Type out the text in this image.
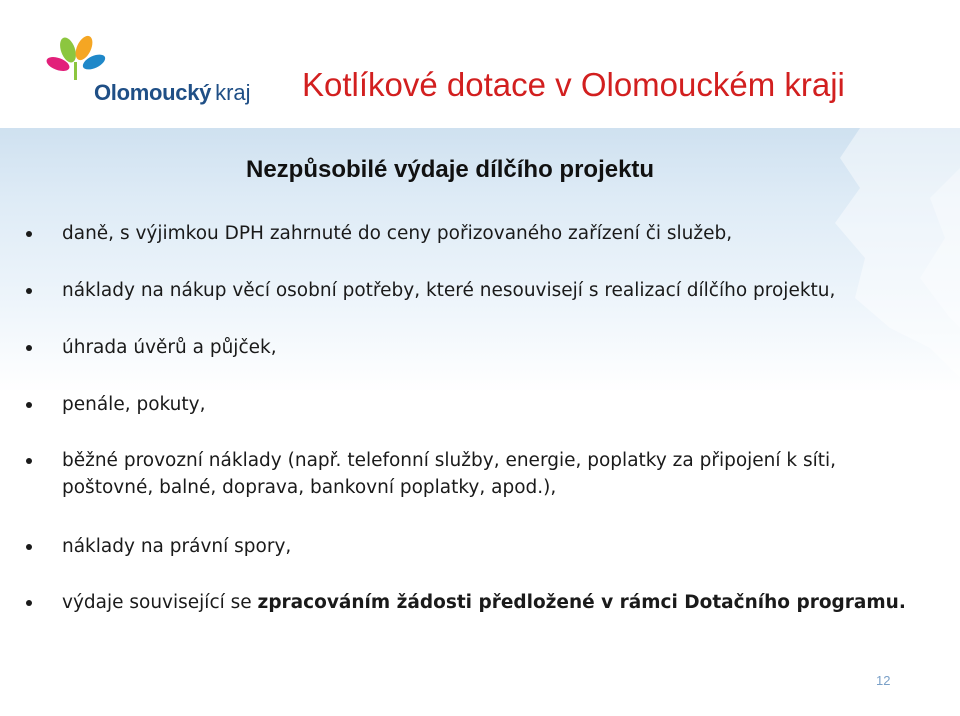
Olomoucký kraj Kotlíkové dotace v Olomouckém kraji
Nezpůsobilé výdaje dílčího projektu
daně, s výjimkou DPH zahrnuté do ceny pořizovaného zařízení či služeb,
náklady na nákup věcí osobní potřeby, které nesouvisejí s realizací dílčího projektu,
úhrada úvěrů a půjček,
penále, pokuty,
běžné provozní náklady (např. telefonní služby, energie, poplatky za připojení k síti,
poštovné, balné, doprava, bankovní poplatky, apod.),
náklady na právní spory,
výdaje související se zpracováním žádosti předložené v rámci Dotačního programu.
12
